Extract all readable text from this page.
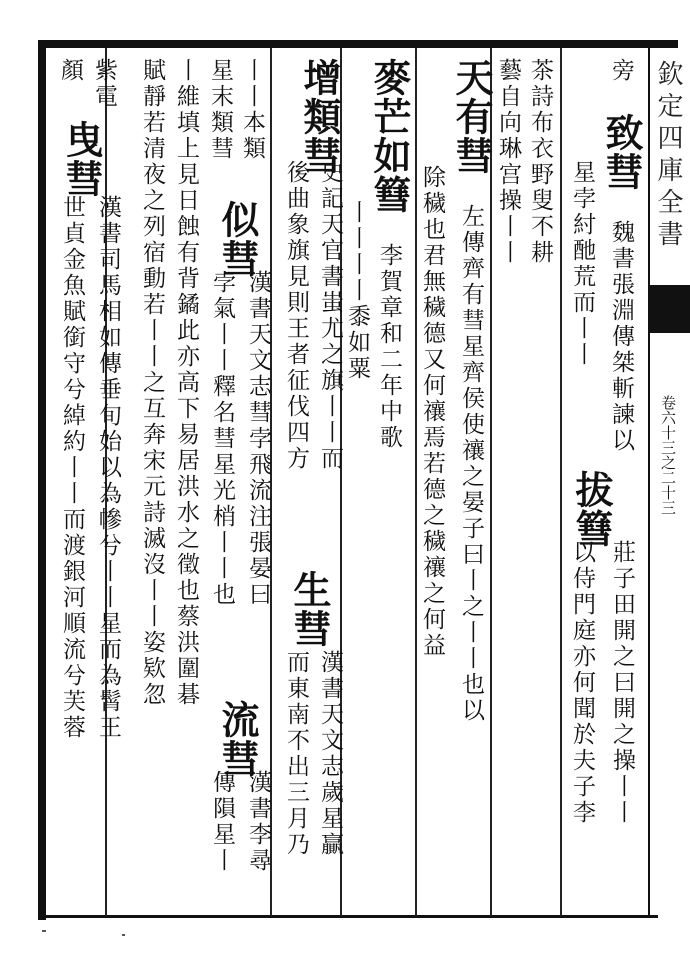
欽定四庫全書
卷六十三之二十三
旁 致彗 魏書張淵傳桀斬諫以
拔篲
莊子田開之曰開之操丨丨
星孛紂酏荒而丨丨
以侍門庭亦何聞於夫子李
茶詩布衣野叟不耕
藝自向琳宫操丨丨
天有彗 左傳齊有彗星齊侯使禳之晏子曰丨之丨丨也以
除穢也君無穢德又何禳焉若德之穢禳之何益
麥芒如篲 李賀章和二年中歌
丨丨丨丨黍如粟
增類彗
史記天官書蚩尤之旗丨丨而
生彗
漢書天文志歲星贏
後曲象旗見則王者征伐四方
而東南不出三月乃
丨丨本類
星末類彗
似彗
漢書天文志彗孛飛流注張晏曰
孛氣丨丨釋名彗星光梢丨丨也
流彗
漢書李尋
傳隕星丨
丨維填上見日蝕有背鐍此亦高下易居洪水之徵也蔡洪圍碁
賦靜若清夜之列宿動若丨丨之互奔宋元詩滅沒丨丨姿欵忽
紫電
顏
曳彗
世貞金魚賦銜守兮綽約丨丨而渡銀河順流兮芙蓉 漢書司馬相如傳垂旬始以為幓兮丨丨星而為髾王
